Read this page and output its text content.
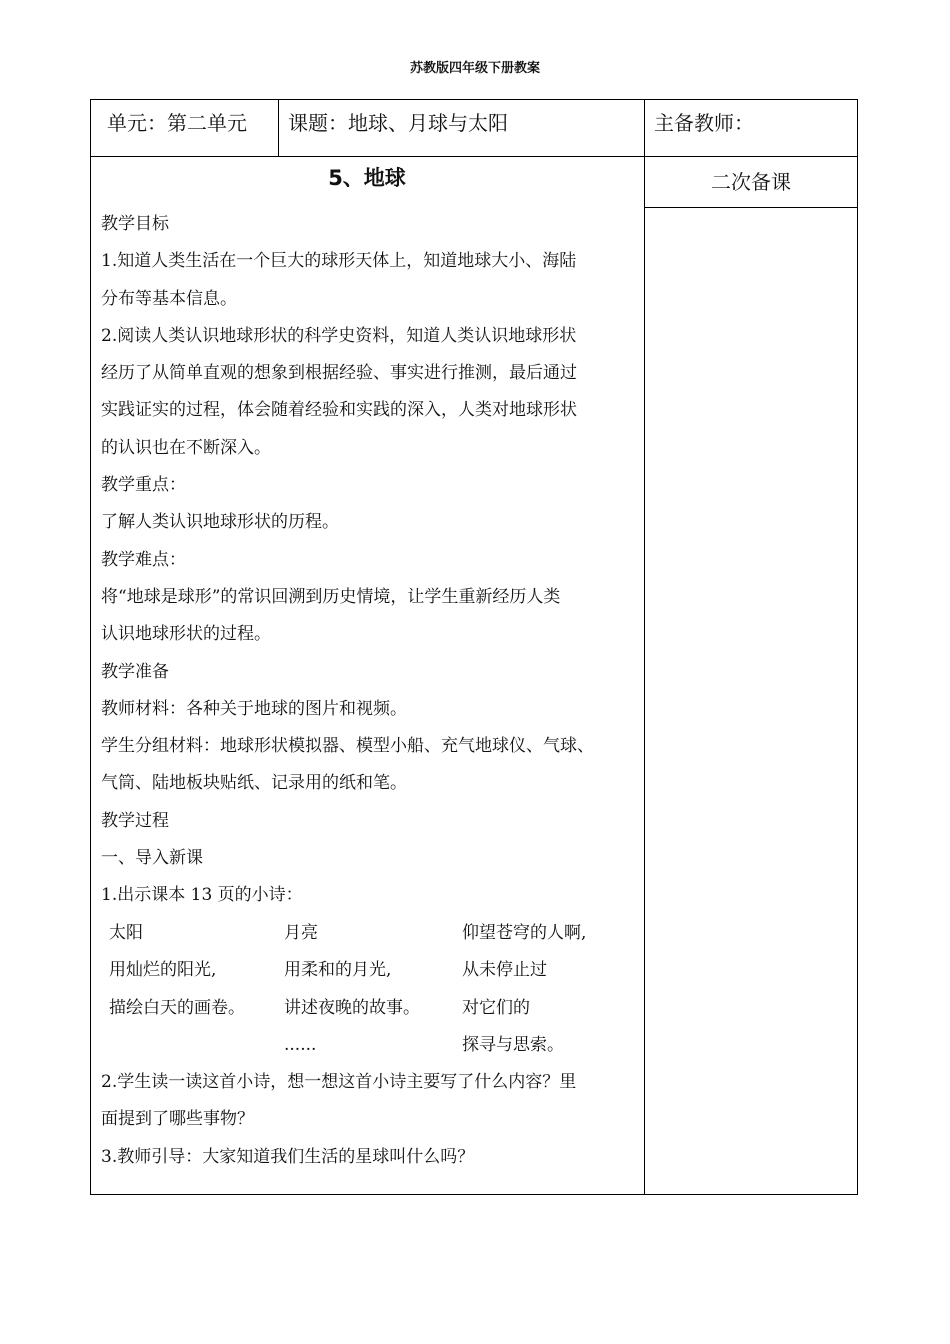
苏教版四年级下册教案
单元：第二单元 课题：地球、月球与太阳	主备教师：
5、地球	二次备课
教学目标
1.知道人类生活在一个巨大的球形天体上，知道地球大小、海陆
分布等基本信息。
2.阅读人类认识地球形状的科学史资料，知道人类认识地球形状
经历了从简单直观的想象到根据经验、事实进行推测，最后通过
实践证实的过程，体会随着经验和实践的深入，人类对地球形状
的认识也在不断深入。
教学重点：
了解人类认识地球形状的历程。
教学难点：
将“地球是球形”的常识回溯到历史情境，让学生重新经历人类
认识地球形状的过程。
教学准备
教师材料：各种关于地球的图片和视频。
学生分组材料：地球形状模拟器、模型小船、充气地球仪、气球、
气筒、陆地板块贴纸、记录用的纸和笔。
教学过程
一、导入新课
1.出示课本 13 页的小诗：
太阳
用灿烂的阳光,
描绘白天的画卷。
月亮
用柔和的月光,
讲述夜晚的故事。
......
仰望苍穹的人啊,
从未停止过
对它们的
探寻与思索。
2.学生读一读这首小诗，想一想这首小诗主要写了什么内容？里
面提到了哪些事物？
3.教师引导：大家知道我们生活的星球叫什么吗？
